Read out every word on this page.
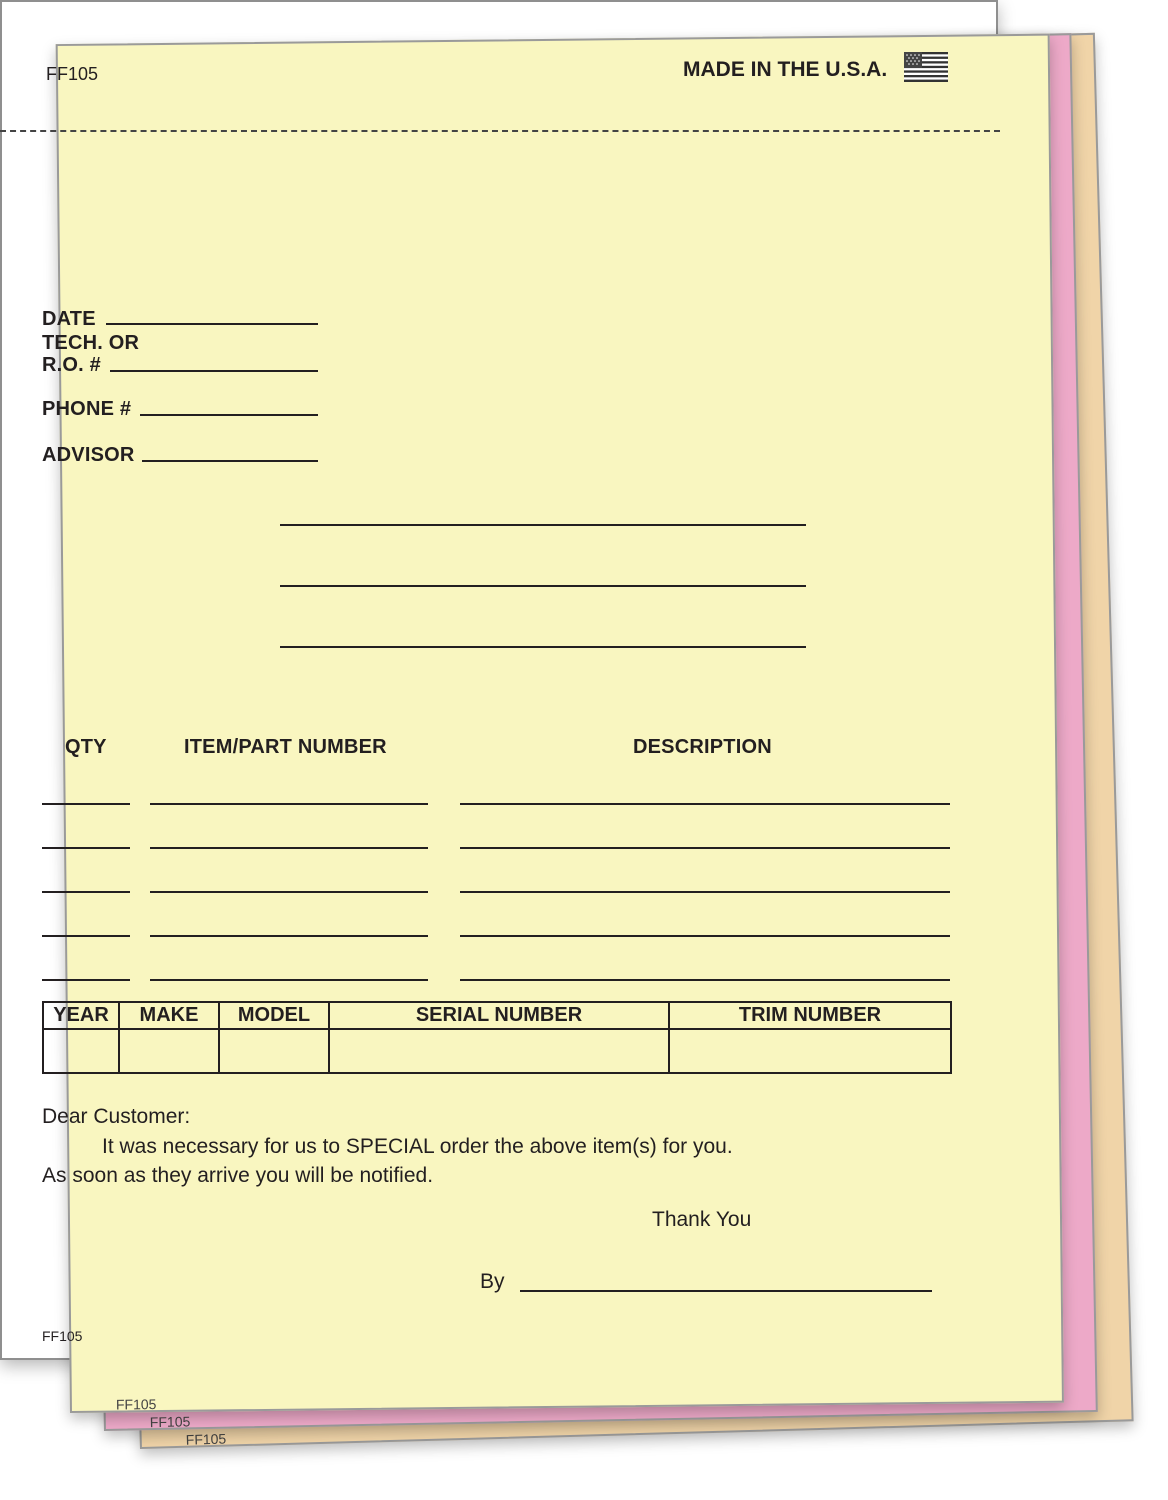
FF105
FF105
FF105
FF105	MADE IN THE U.S.A.
DATE
TECH. OR
R.O. #
PHONE #
ADVISOR
QTY	ITEM/PART NUMBER	DESCRIPTION
YEAR	MAKE	MODEL	SERIAL NUMBER	TRIM NUMBER

Dear Customer:
It was necessary for us to SPECIAL order the above item(s) for you.
As soon as they arrive you will be notified.
Thank You
By
FF105
